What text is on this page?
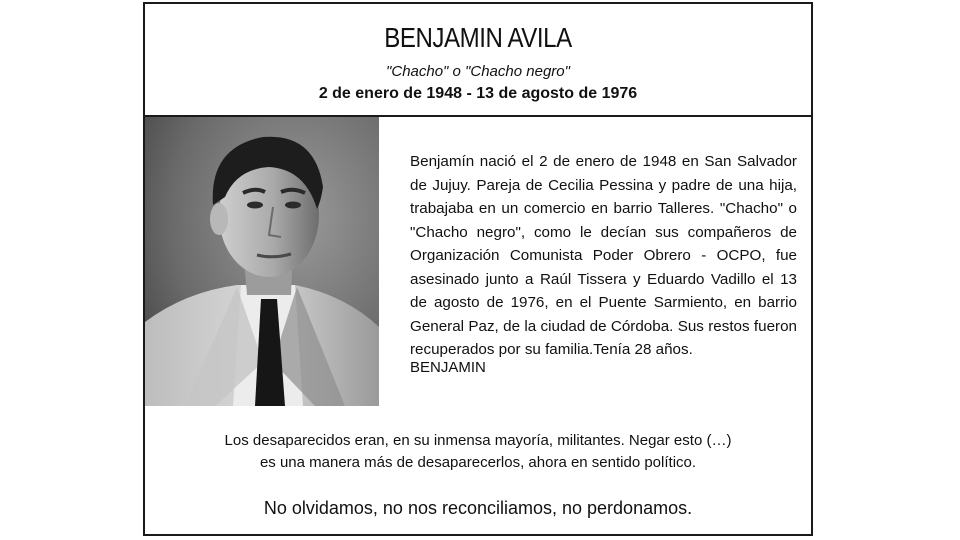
BENJAMIN AVILA
"Chacho" o "Chacho negro"
2 de enero de 1948 - 13 de agosto de 1976

Benjamín nació el 2 de enero de 1948 en San Salvador de Jujuy. Pareja de Cecilia Pessina y padre de una hija, trabajaba en un comercio en barrio Talleres. "Chacho" o "Chacho negro", como le decían sus compañeros de Organización Comunista Poder Obrero - OCPO, fue asesinado junto a Raúl Tissera y Eduardo Vadillo el 13 de agosto de 1976, en el Puente Sarmiento, en barrio General Paz, de la ciudad de Córdoba. Sus restos fueron recuperados por su familia.Tenía 28 años.

BENJAMIN
Los desaparecidos eran, en su inmensa mayoría, militantes. Negar esto (…)
es una manera más de desaparecerlos, ahora en sentido político.
No olvidamos, no nos reconciliamos, no perdonamos.
